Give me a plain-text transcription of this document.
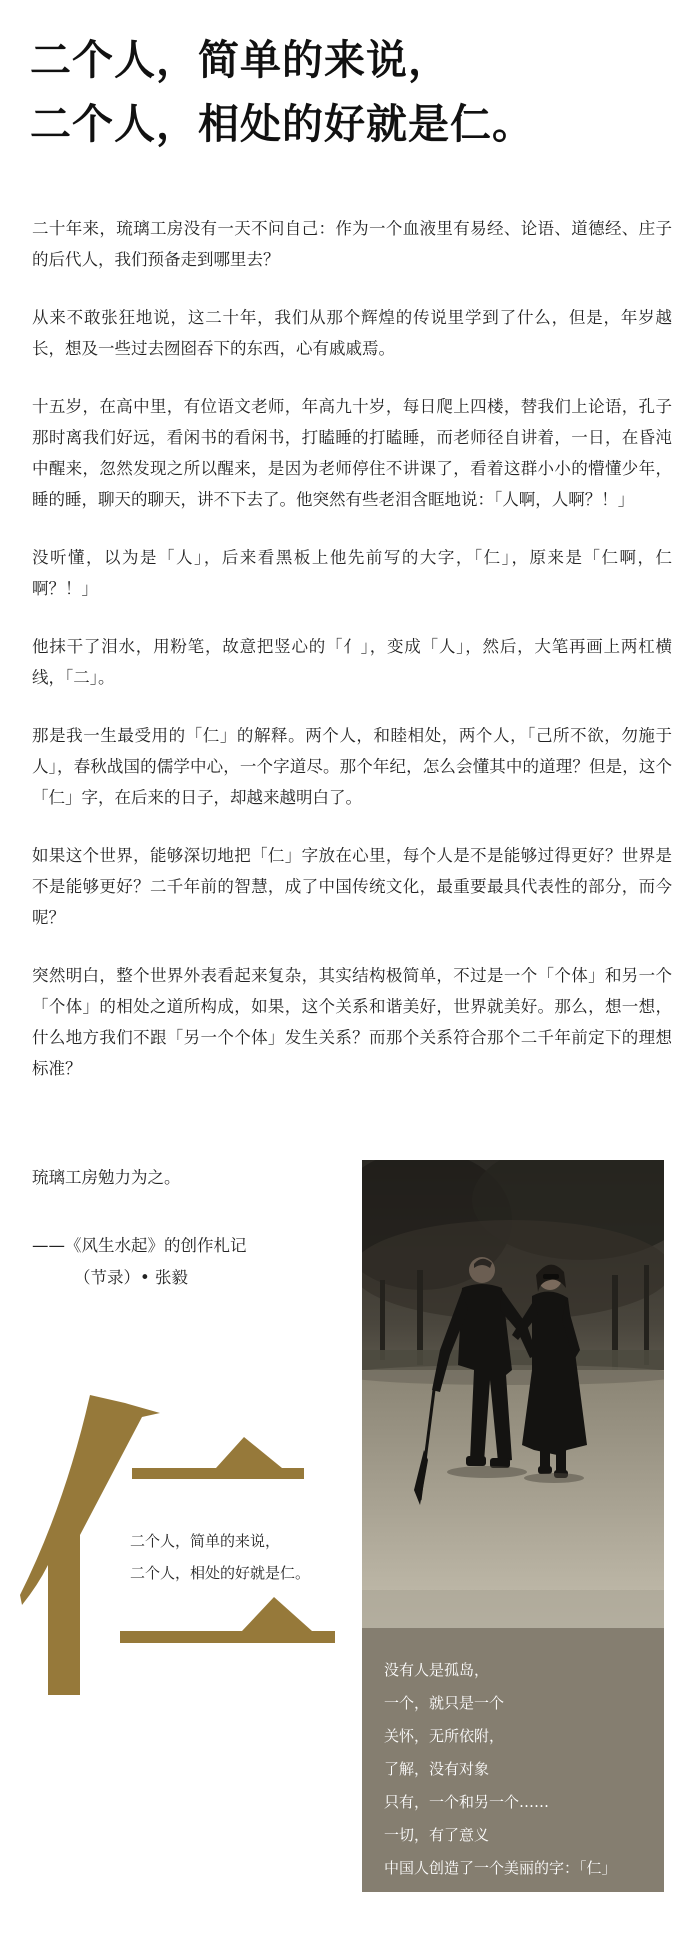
二个人，简单的来说，
二个人，相处的好就是仁。

二十年来，琉璃工房没有一天不问自己：作为一个血液里有易经、论语、道德经、庄子的后代人，我们预备走到哪里去？

从来不敢张狂地说，这二十年，我们从那个辉煌的传说里学到了什么，但是，年岁越长，想及一些过去囫囵吞下的东西，心有戚戚焉。

十五岁，在高中里，有位语文老师，年高九十岁，每日爬上四楼，替我们上论语，孔子那时离我们好远，看闲书的看闲书，打瞌睡的打瞌睡，而老师径自讲着，一日，在昏沌中醒来，忽然发现之所以醒来，是因为老师停住不讲课了，看着这群小小的懵懂少年，睡的睡，聊天的聊天，讲不下去了。他突然有些老泪含眶地说：「人啊，人啊？！」

没听懂，以为是「人」，后来看黑板上他先前写的大字，「仁」，原来是「仁啊，仁啊？！」

他抹干了泪水，用粉笔，故意把竖心的「亻」，变成「人」，然后，大笔再画上两杠横线，「二」。

那是我一生最受用的「仁」的解释。两个人，和睦相处，两个人，「己所不欲，勿施于人」，春秋战国的儒学中心，一个字道尽。那个年纪，怎么会懂其中的道理？但是，这个「仁」字，在后来的日子，却越来越明白了。

如果这个世界，能够深切地把「仁」字放在心里，每个人是不是能够过得更好？世界是不是能够更好？二千年前的智慧，成了中国传统文化，最重要最具代表性的部分，而今呢？

突然明白，整个世界外表看起来复杂，其实结构极简单，不过是一个「个体」和另一个「个体」的相处之道所构成，如果，这个关系和谐美好，世界就美好。那么，想一想，什么地方我们不跟「另一个个体」发生关系？而那个关系符合那个二千年前定下的理想标准？

琉璃工房勉力为之。

——《风生水起》的创作札记
（节录）• 张毅
没有人是孤岛，
一个，就只是一个
关怀，无所依附，
了解，没有对象
只有，一个和另一个……
一切，有了意义
中国人创造了一个美丽的字：「仁」
二个人，简单的来说，
二个人，相处的好就是仁。
